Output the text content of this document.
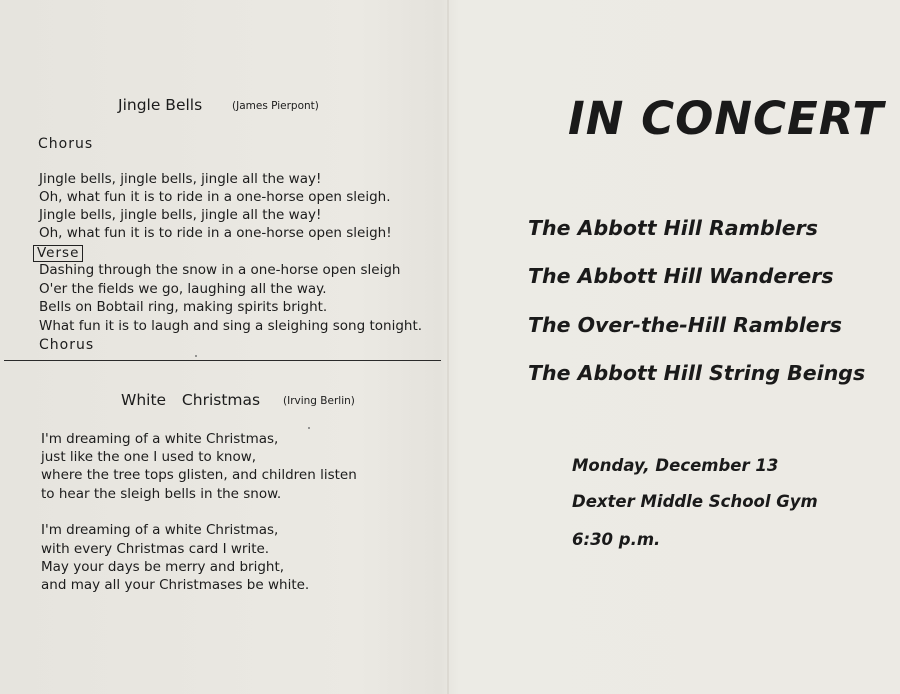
Jingle Bells	(James Pierpont)
Chorus
Jingle bells, jingle bells, jingle all the way!
Oh, what fun it is to ride in a one-horse open sleigh.
Jingle bells, jingle bells, jingle all the way!
Oh, what fun it is to ride in a one-horse open sleigh!
Verse
Dashing through the snow in a one-horse open sleigh
O'er the fields we go, laughing all the way.
Bells on Bobtail ring, making spirits bright.
What fun it is to laugh and sing a sleighing song tonight.
Chorus
White  Christmas (Irving Berlin)
I'm dreaming of a white Christmas,
just like the one I used to know,
where the tree tops glisten, and children listen
to hear the sleigh bells in the snow.
I'm dreaming of a white Christmas,
with every Christmas card I write.
May your days be merry and bright,
and may all your Christmases be white.
IN CONCERT
The Abbott Hill Ramblers
The Abbott Hill Wanderers
The Over-the-Hill Ramblers
The Abbott Hill String Beings
Monday, December 13
Dexter Middle School Gym
6:30 p.m.
